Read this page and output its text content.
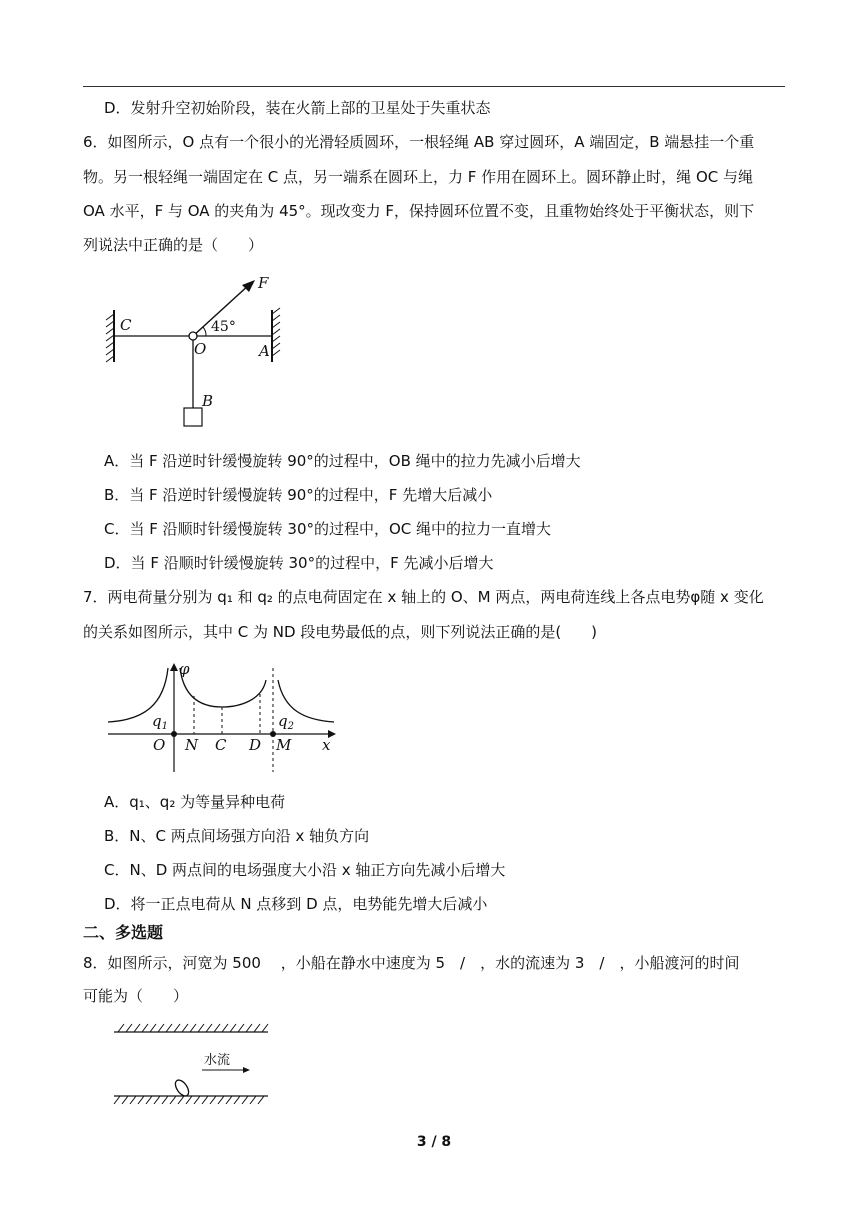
D．发射升空初始阶段，装在火箭上部的卫星处于失重状态
6．如图所示，O 点有一个很小的光滑轻质圆环，一根轻绳 AB 穿过圆环，A 端固定，B 端悬挂一个重
物。另一根轻绳一端固定在 C 点，另一端系在圆环上，力 F 作用在圆环上。圆环静止时，绳 OC 与绳
OA 水平，F 与 OA 的夹角为 45°。现改变力 F，保持圆环位置不变，且重物始终处于平衡状态，则下
列说法中正确的是（　　）
F
C	45°
O	A
B
A．当 F 沿逆时针缓慢旋转 90°的过程中，OB 绳中的拉力先减小后增大
B．当 F 沿逆时针缓慢旋转 90°的过程中，F 先增大后减小
C．当 F 沿顺时针缓慢旋转 30°的过程中，OC 绳中的拉力一直增大
D．当 F 沿顺时针缓慢旋转 30°的过程中，F 先减小后增大
7．两电荷量分别为 q₁ 和 q₂ 的点电荷固定在 x 轴上的 O、M 两点，两电荷连线上各点电势φ随 x 变化
的关系如图所示，其中 C 为 ND 段电势最低的点，则下列说法正确的是(　　)
φ
$q_1$	$q_2$
O N C D M x
A．q₁、q₂ 为等量异种电荷
B．N、C 两点间场强方向沿 x 轴负方向
C．N、D 两点间的电场强度大小沿 x 轴正方向先减小后增大
D．将一正点电荷从 N 点移到 D 点，电势能先增大后减小
二、多选题
8．如图所示，河宽为 500　 ，小船在静水中速度为 5　/　，水的流速为 3　/　，小船渡河的时间
可能为（　　）
水流
3 / 8
